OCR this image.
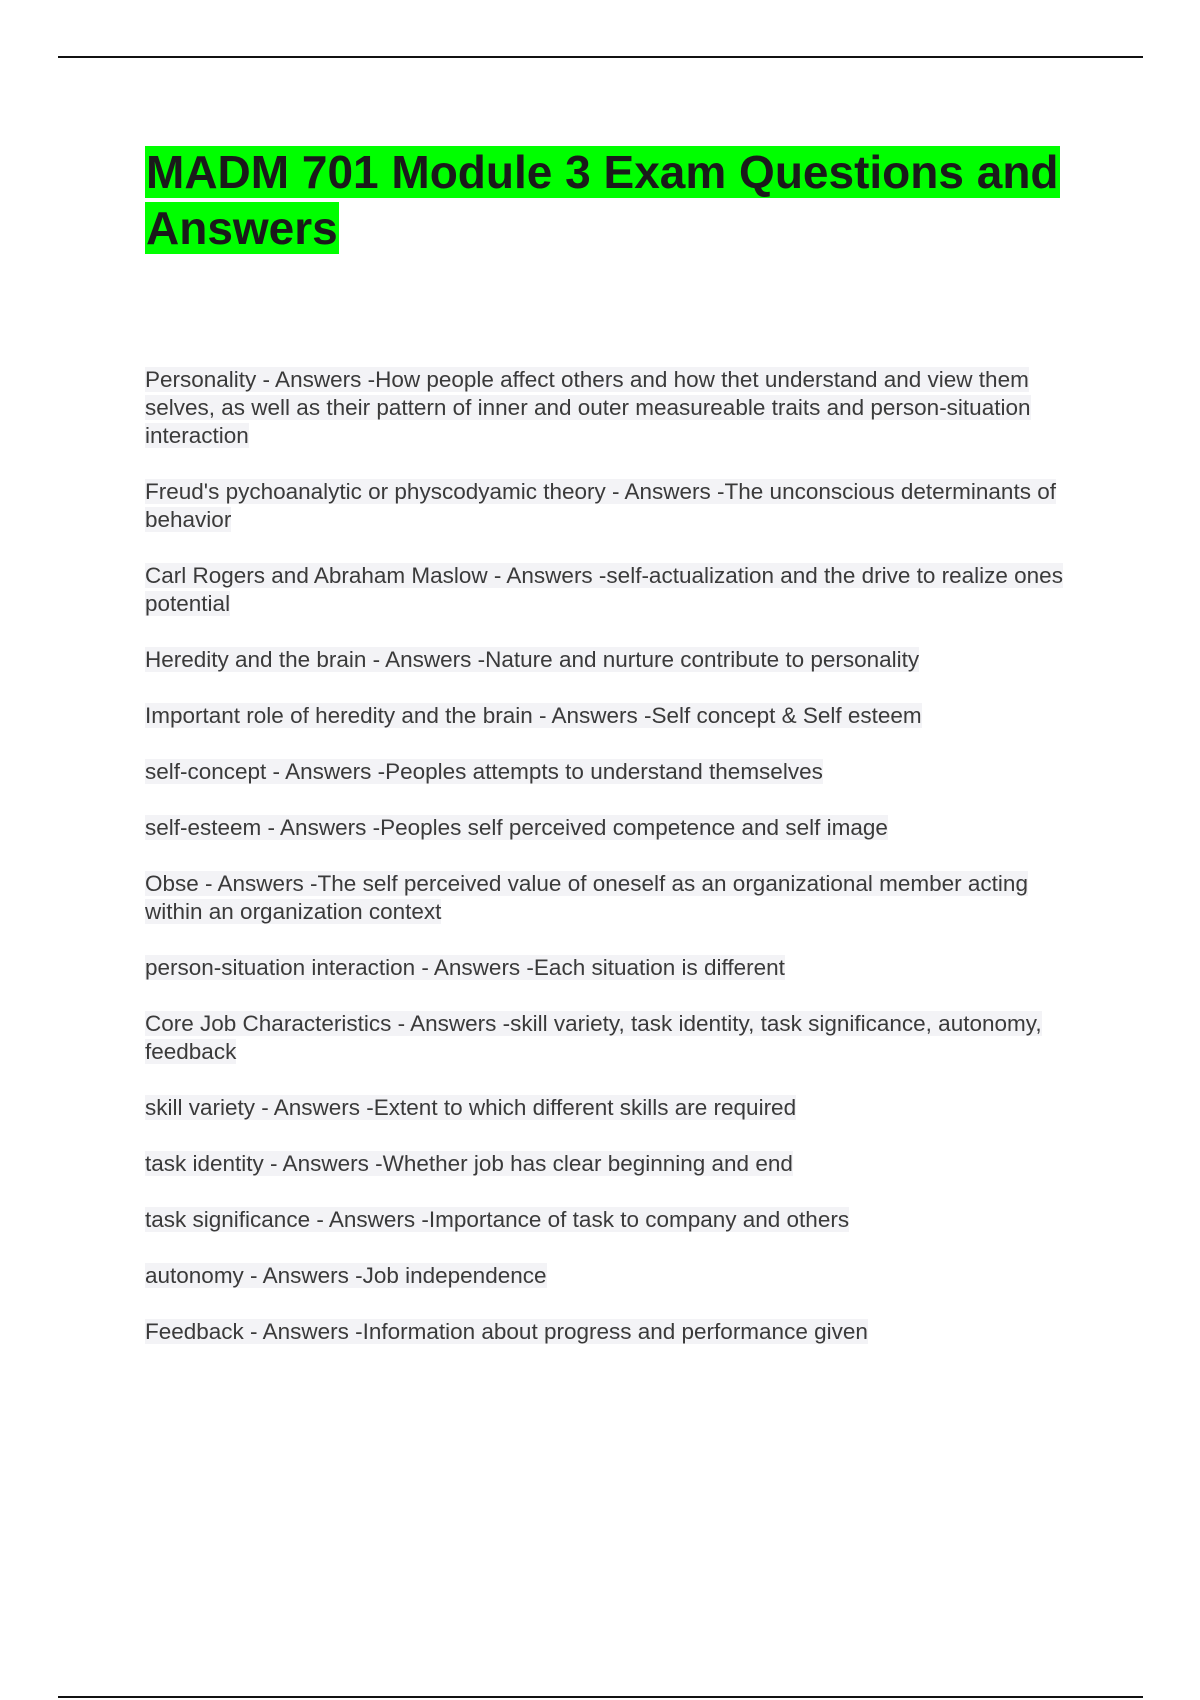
MADM 701 Module 3 Exam Questions and Answers
Personality - Answers -How people affect others and how thet understand and view them selves, as well as their pattern of inner and outer measureable traits and person-situation interaction
Freud's pychoanalytic or physcodyamic theory - Answers -The unconscious determinants of behavior
Carl Rogers and Abraham Maslow - Answers -self-actualization and the drive to realize ones potential
Heredity and the brain - Answers -Nature and nurture contribute to personality
Important role of heredity and the brain - Answers -Self concept & Self esteem
self-concept - Answers -Peoples attempts to understand themselves
self-esteem - Answers -Peoples self perceived competence and self image
Obse - Answers -The self perceived value of oneself as an organizational member acting within an organization context
person-situation interaction - Answers -Each situation is different
Core Job Characteristics - Answers -skill variety, task identity, task significance, autonomy, feedback
skill variety - Answers -Extent to which different skills are required
task identity - Answers -Whether job has clear beginning and end
task significance - Answers -Importance of task to company and others
autonomy - Answers -Job independence
Feedback - Answers -Information about progress and performance given
